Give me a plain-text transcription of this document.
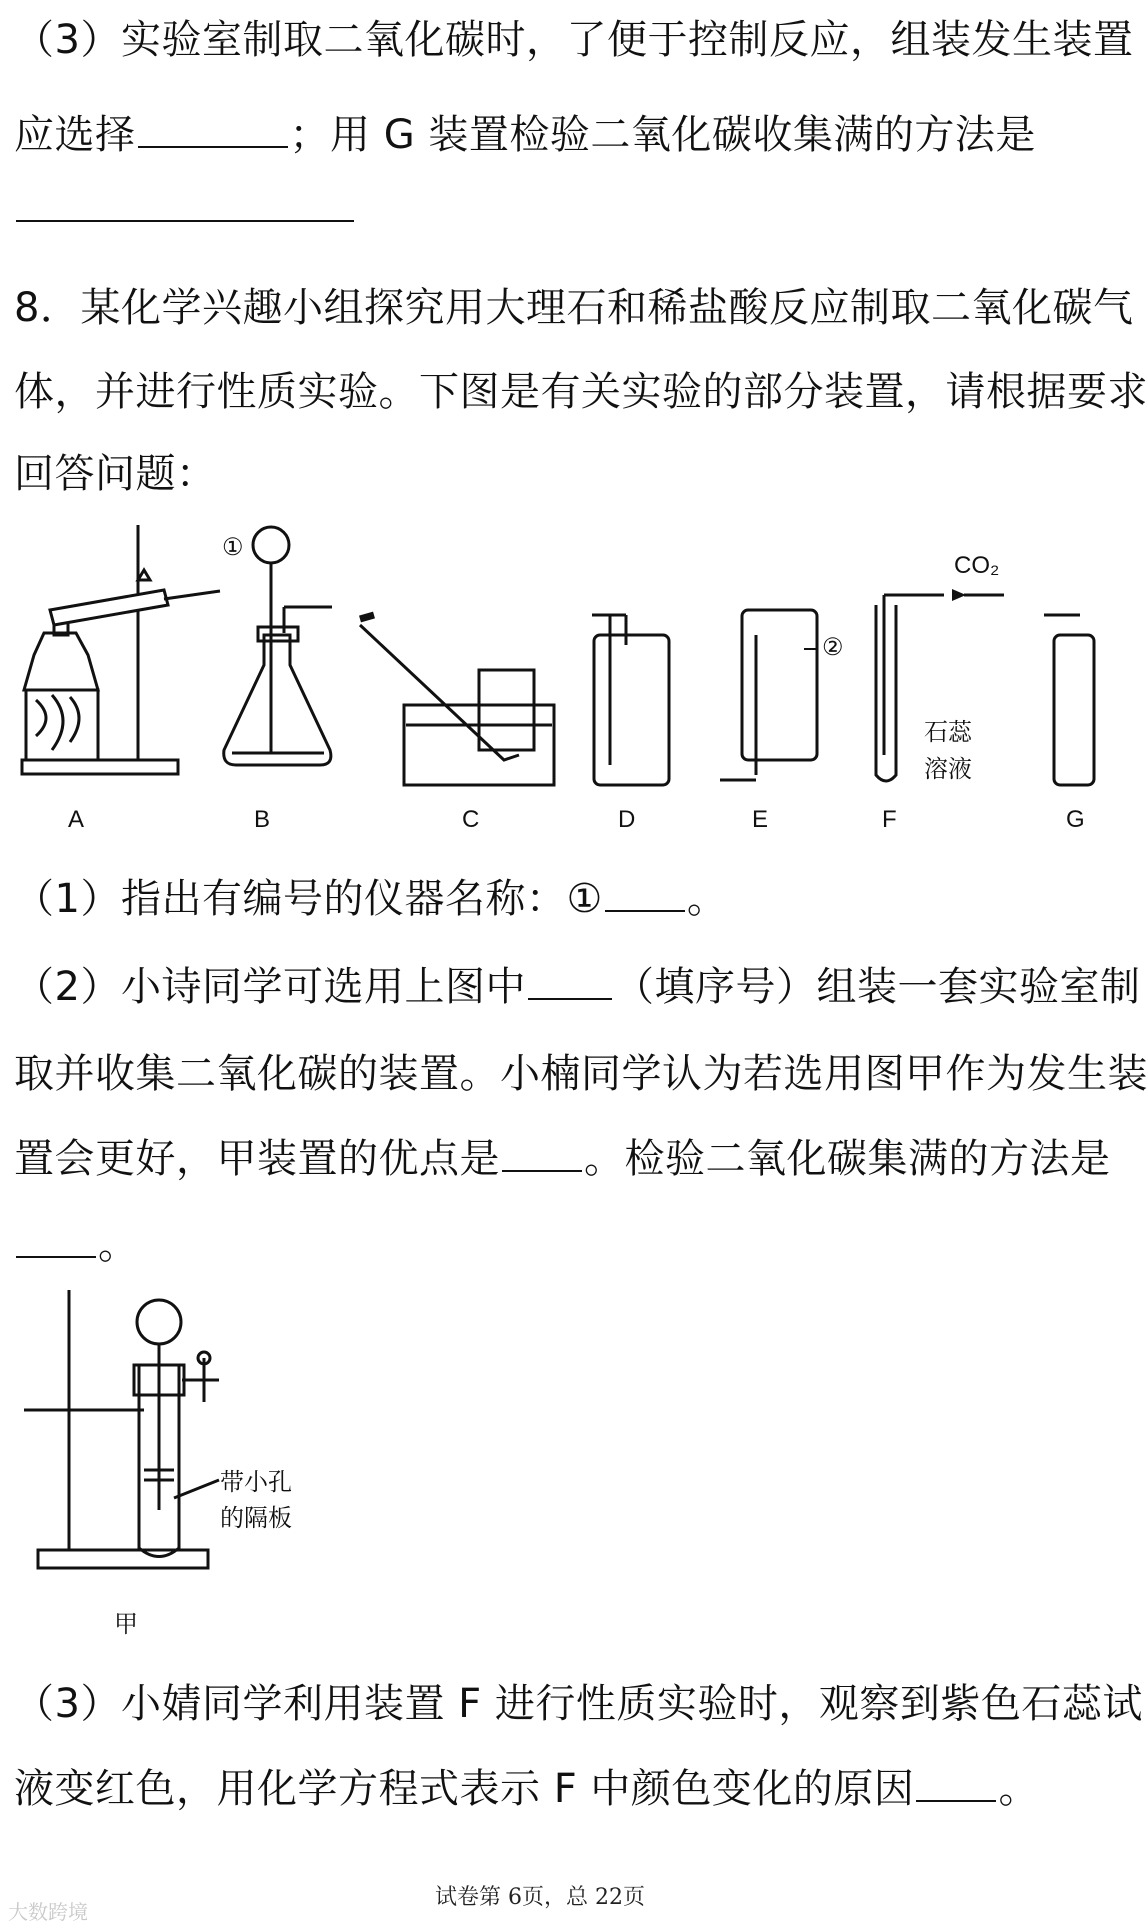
（3）实验室制取二氧化碳时，了便于控制反应，组装发生装置
应选择	；用 G 装置检验二氧化碳收集满的方法是
8．某化学兴趣小组探究用大理石和稀盐酸反应制取二氧化碳气
体，并进行性质实验。下图是有关实验的部分装置，请根据要求
回答问题：
①
②
CO₂
石蕊
溶液
A	B	C	D	E	F	G
（1）指出有编号的仪器名称：① 。
（2）小诗同学可选用上图中 （填序号）组装一套实验室制
取并收集二氧化碳的装置。小楠同学认为若选用图甲作为发生装
置会更好，甲装置的优点是 。检验二氧化碳集满的方法是
。
带小孔
的隔板
甲
（3）小婧同学利用装置 F 进行性质实验时，观察到紫色石蕊试
液变红色，用化学方程式表示 F 中颜色变化的原因 。
试卷第 6页，总 22页
大数跨境
